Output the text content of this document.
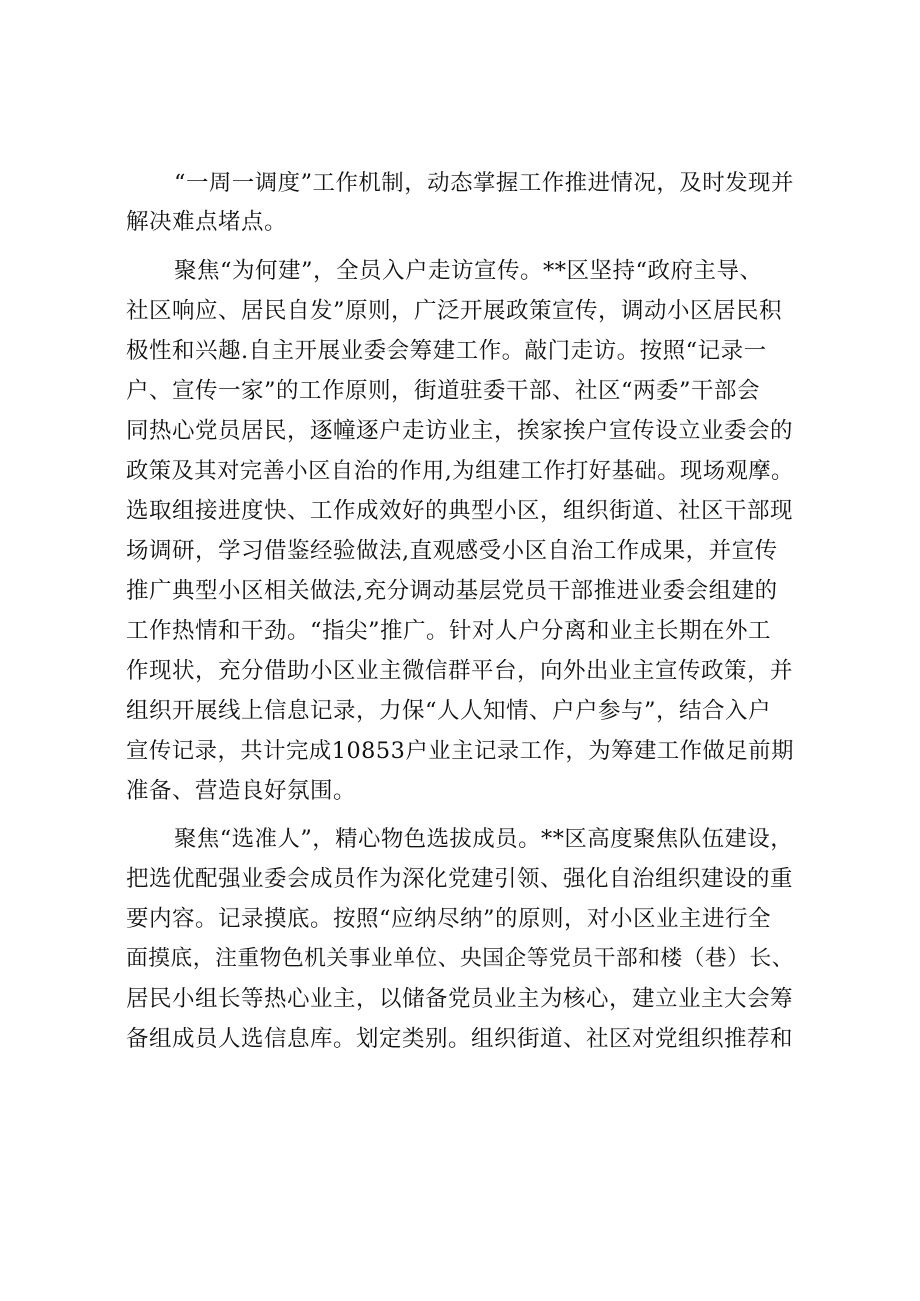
“一周一调度”工作机制，动态掌握工作推进情况，及时发现并

解决难点堵点。

聚焦“为何建”，全员入户走访宣传。**区坚持“政府主导、

社区响应、居民自发”原则，广泛开展政策宣传，调动小区居民积

极性和兴趣.自主开展业委会筹建工作。敲门走访。按照“记录一

户、宣传一家”的工作原则，街道驻委干部、社区“两委”干部会

同热心党员居民，逐幢逐户走访业主，挨家挨户宣传设立业委会的

政策及其对完善小区自治的作用,为组建工作打好基础。现场观摩。

选取组接进度快、工作成效好的典型小区，组织街道、社区干部现

场调研，学习借鉴经验做法,直观感受小区自治工作成果，并宣传

推广典型小区相关做法,充分调动基层党员干部推进业委会组建的

工作热情和干劲。“指尖”推广。针对人户分离和业主长期在外工

作现状，充分借助小区业主微信群平台，向外出业主宣传政策，并

组织开展线上信息记录，力保“人人知情、户户参与”，结合入户

宣传记录，共计完成10853户业主记录工作，为筹建工作做足前期

准备、营造良好氛围。

聚焦“选准人”，精心物色选拔成员。**区高度聚焦队伍建设，

把选优配强业委会成员作为深化党建引领、强化自治组织建设的重

要内容。记录摸底。按照“应纳尽纳”的原则，对小区业主进行全

面摸底，注重物色机关事业单位、央国企等党员干部和楼（巷）长、

居民小组长等热心业主，以储备党员业主为核心，建立业主大会筹

备组成员人选信息库。划定类别。组织街道、社区对党组织推荐和
